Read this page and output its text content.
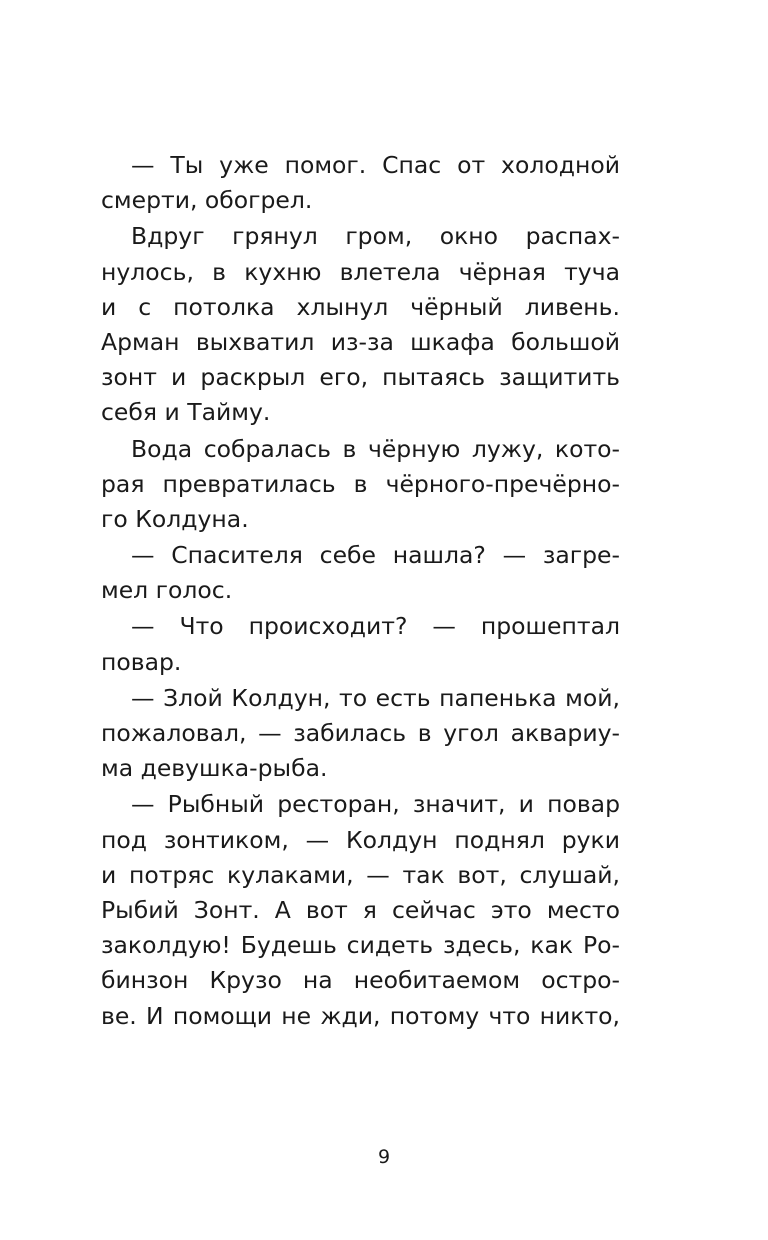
— Ты уже помог. Спас от холодной
смерти, обогрел.
Вдруг грянул гром, окно распах-
нулось, в кухню влетела чёрная туча
и с потолка хлынул чёрный ливень.
Арман выхватил из-за шкафа большой
зонт и раскрыл его, пытаясь защитить
себя и Тайму.
Вода собралась в чёрную лужу, кото-
рая превратилась в чёрного-пречёрно-
го Колдуна.
— Спасителя себе нашла? — загре-
мел голос.
— Что происходит? — прошептал
повар.
— Злой Колдун, то есть папенька мой,
пожаловал, — забилась в угол аквариу-
ма девушка-рыба.
— Рыбный ресторан, значит, и повар
под зонтиком, — Колдун поднял руки
и потряс кулаками, — так вот, слушай,
Рыбий Зонт. А вот я сейчас это место
заколдую! Будешь сидеть здесь, как Ро-
бинзон Крузо на необитаемом остро-
ве. И помощи не жди, потому что никто,
9
